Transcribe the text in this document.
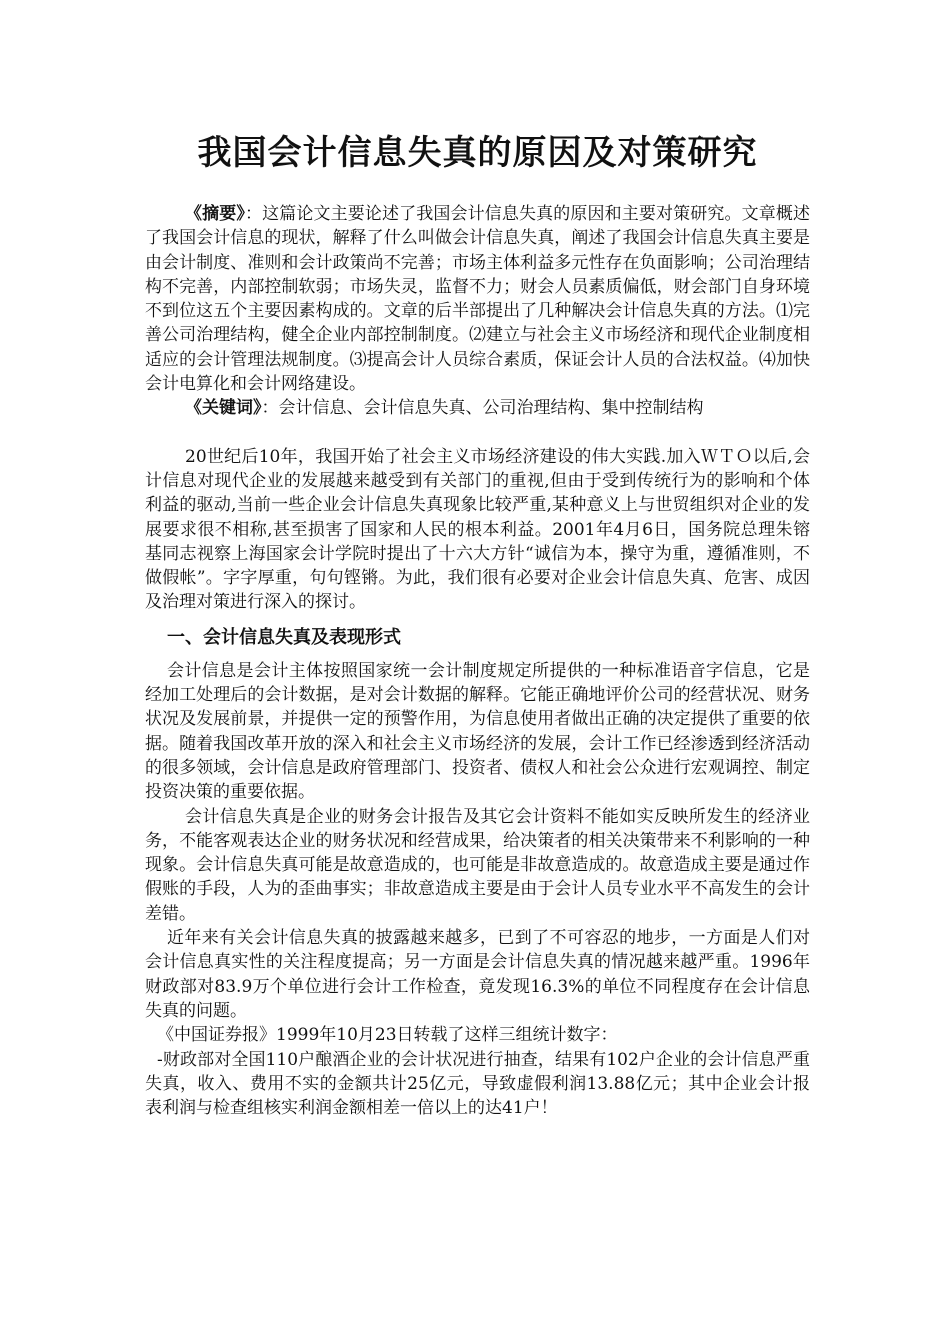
我国会计信息失真的原因及对策研究

《摘要》：这篇论文主要论述了我国会计信息失真的原因和主要对策研究。文章概述了我国会计信息的现状，解释了什么叫做会计信息失真，阐述了我国会计信息失真主要是由会计制度、准则和会计政策尚不完善；市场主体利益多元性存在负面影响；公司治理结构不完善，内部控制软弱；市场失灵，监督不力；财会人员素质偏低，财会部门自身环境不到位这五个主要因素构成的。文章的后半部提出了几种解决会计信息失真的方法。⑴完善公司治理结构，健全企业内部控制制度。⑵建立与社会主义市场经济和现代企业制度相适应的会计管理法规制度。⑶提高会计人员综合素质，保证会计人员的合法权益。⑷加快会计电算化和会计网络建设。

《关键词》：会计信息、会计信息失真、公司治理结构、集中控制结构

20世纪后10年，我国开始了社会主义市场经济建设的伟大实践.加入ＷＴＯ以后,会计信息对现代企业的发展越来越受到有关部门的重视,但由于受到传统行为的影响和个体利益的驱动,当前一些企业会计信息失真现象比较严重,某种意义上与世贸组织对企业的发展要求很不相称,甚至损害了国家和人民的根本利益。2001年4月6日，国务院总理朱镕基同志视察上海国家会计学院时提出了十六大方针“诚信为本，操守为重，遵循准则，不做假帐”。字字厚重，句句铿锵。为此，我们很有必要对企业会计信息失真、危害、成因及治理对策进行深入的探讨。

一、会计信息失真及表现形式

会计信息是会计主体按照国家统一会计制度规定所提供的一种标准语音字信息，它是经加工处理后的会计数据，是对会计数据的解释。它能正确地评价公司的经营状况、财务状况及发展前景，并提供一定的预警作用，为信息使用者做出正确的决定提供了重要的依据。随着我国改革开放的深入和社会主义市场经济的发展，会计工作已经渗透到经济活动的很多领域，会计信息是政府管理部门、投资者、债权人和社会公众进行宏观调控、制定投资决策的重要依据。

会计信息失真是企业的财务会计报告及其它会计资料不能如实反映所发生的经济业务，不能客观表达企业的财务状况和经营成果，给决策者的相关决策带来不利影响的一种现象。会计信息失真可能是故意造成的，也可能是非故意造成的。故意造成主要是通过作假账的手段，人为的歪曲事实；非故意造成主要是由于会计人员专业水平不高发生的会计差错。

近年来有关会计信息失真的披露越来越多，已到了不可容忍的地步，一方面是人们对会计信息真实性的关注程度提高；另一方面是会计信息失真的情况越来越严重。1996年财政部对83.9万个单位进行会计工作检查，竟发现16.3%的单位不同程度存在会计信息失真的问题。

《中国证券报》1999年10月23日转载了这样三组统计数字：

-财政部对全国110户酿酒企业的会计状况进行抽查，结果有102户企业的会计信息严重失真，收入、费用不实的金额共计25亿元，导致虚假利润13.88亿元；其中企业会计报表利润与检查组核实利润金额相差一倍以上的达41户！
